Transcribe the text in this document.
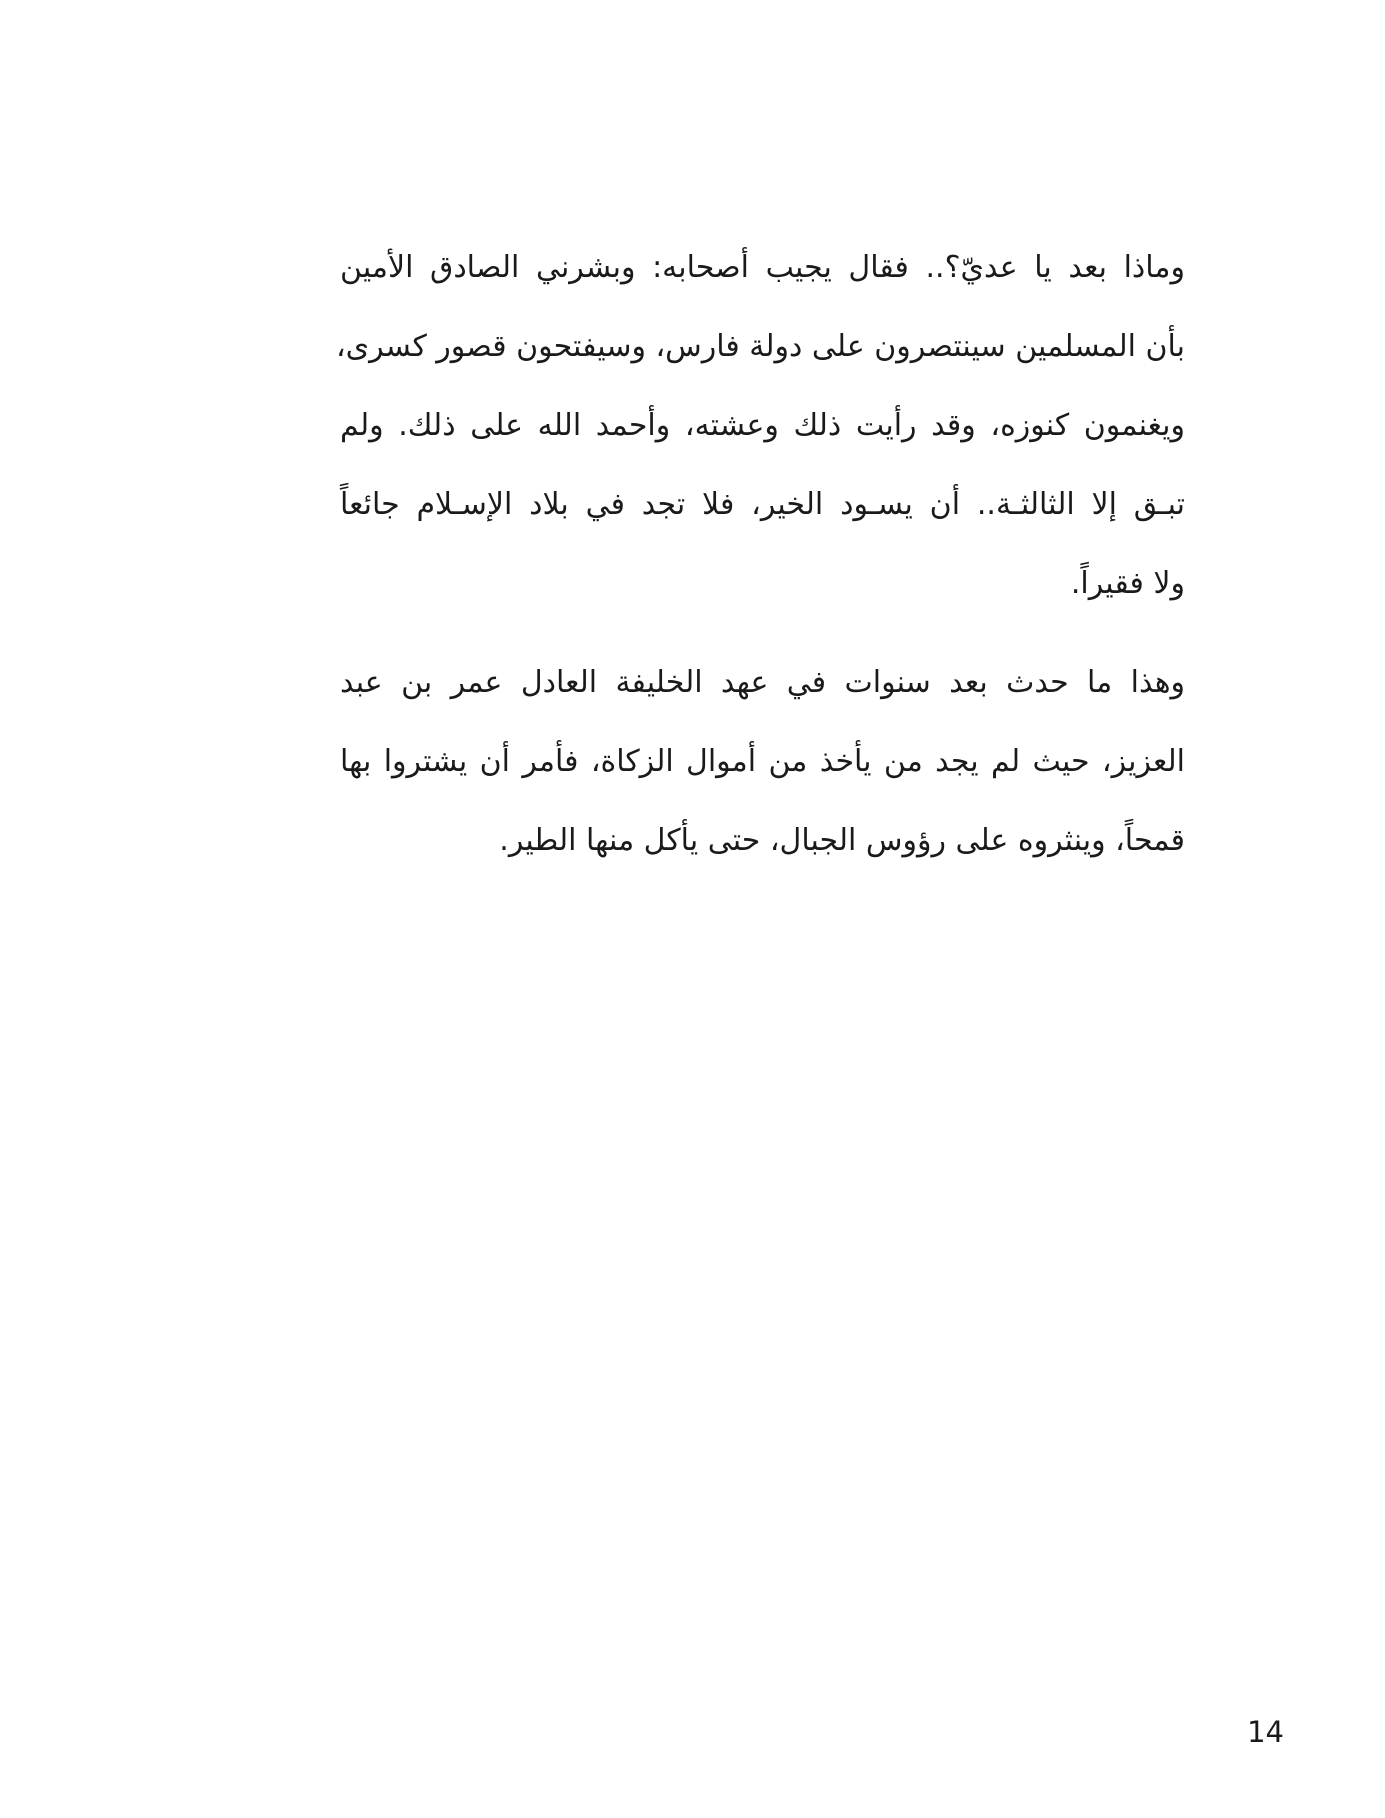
وماذا بعد يا عديّ؟.. فقال يجيب أصحابه: وبشرني الصادق الأمين
بأن المسلمين سينتصرون على دولة فارس، وسيفتحون قصور كسرى،
ويغنمون كنوزه، وقد رأيت ذلك وعشته، وأحمد الله على ذلك. ولم
تبـق إلا الثالثـة.. أن يسـود الخير، فلا تجد في بلاد الإسـلام جائعاً
ولا فقيراً.
وهذا ما حدث بعد سنوات في عهد الخليفة العادل عمر بن عبد
العزيز، حيث لم يجد من يأخذ من أموال الزكاة، فأمر أن يشتروا بها
قمحاً، وينثروه على رؤوس الجبال، حتى يأكل منها الطير.
14
